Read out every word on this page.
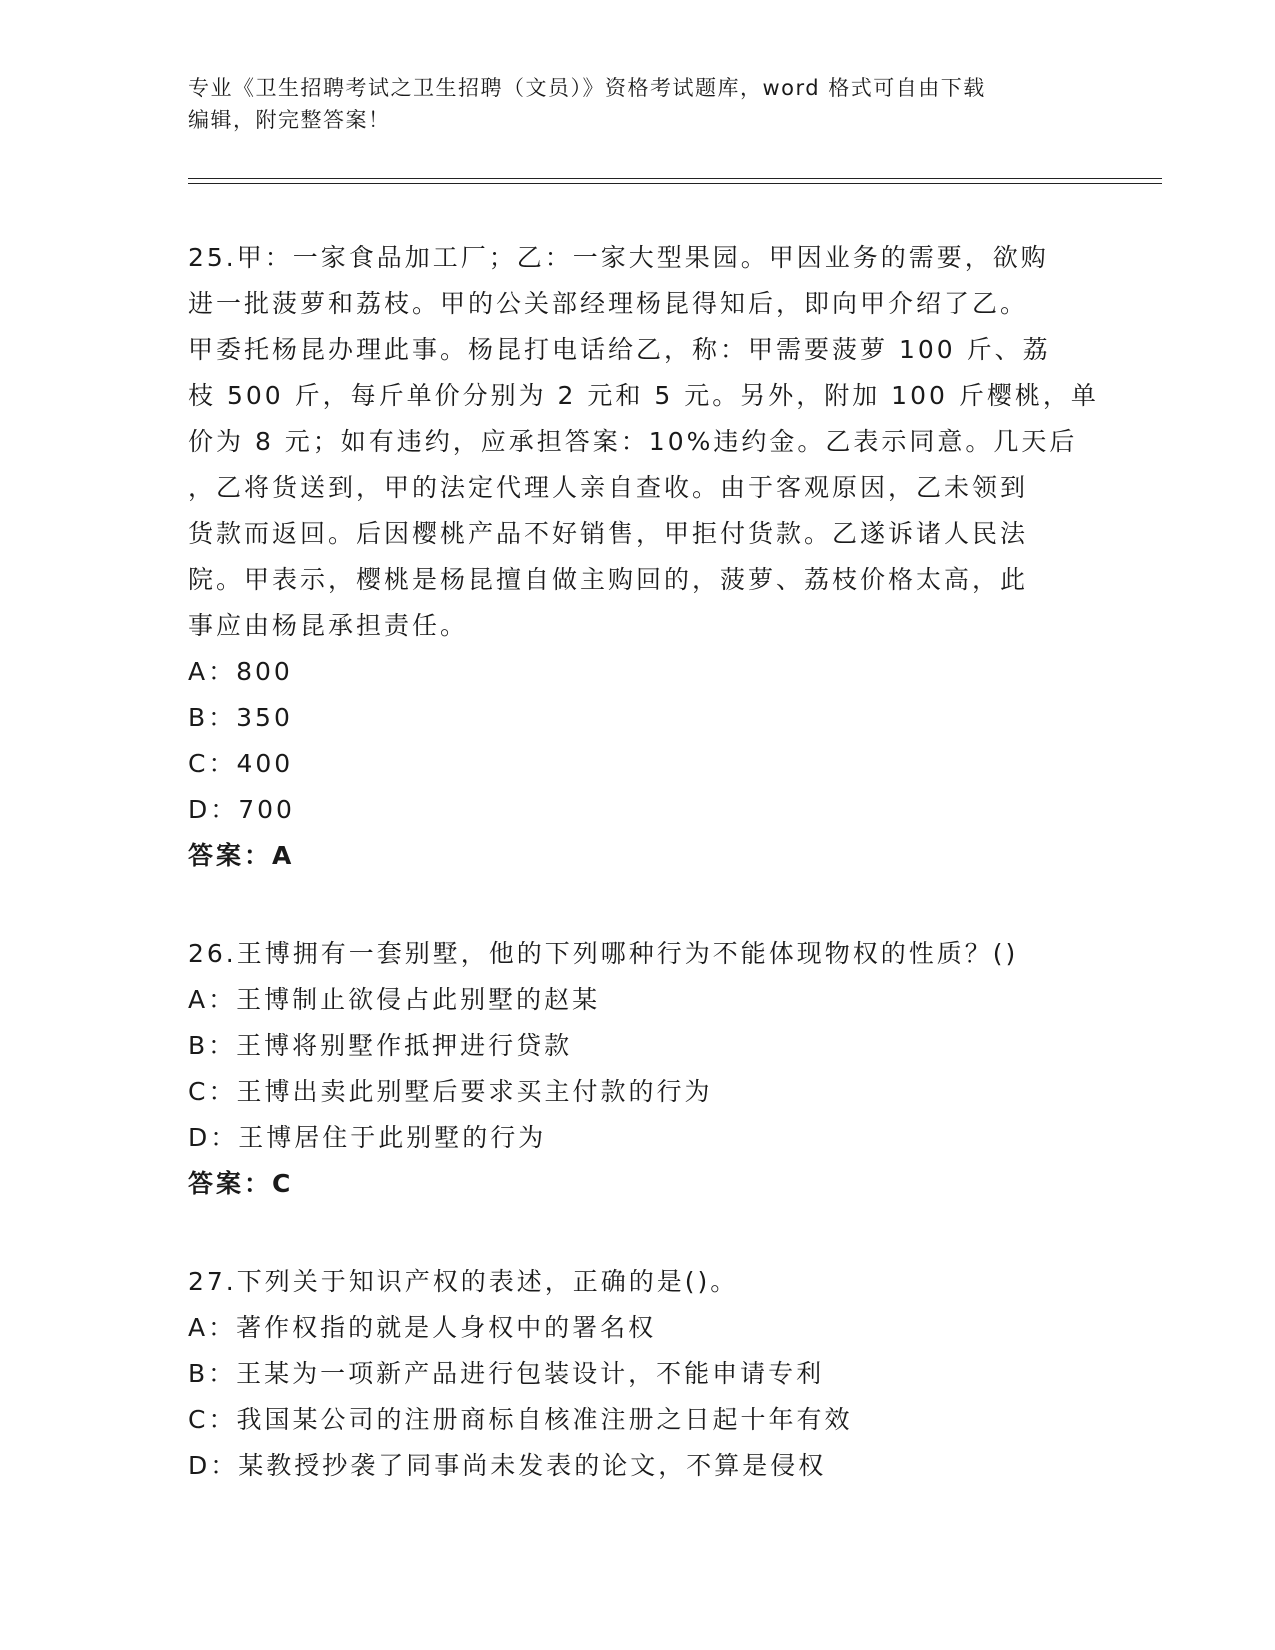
专业《卫生招聘考试之卫生招聘（文员）》资格考试题库，word 格式可自由下载
编辑，附完整答案！
25.甲：一家食品加工厂；乙：一家大型果园。甲因业务的需要，欲购
进一批菠萝和荔枝。甲的公关部经理杨昆得知后，即向甲介绍了乙。
甲委托杨昆办理此事。杨昆打电话给乙，称：甲需要菠萝 100 斤、荔
枝 500 斤，每斤单价分别为 2 元和 5 元。另外，附加 100 斤樱桃，单
价为 8 元；如有违约，应承担答案：10%违约金。乙表示同意。几天后
，乙将货送到，甲的法定代理人亲自查收。由于客观原因，乙未领到
货款而返回。后因樱桃产品不好销售，甲拒付货款。乙遂诉诸人民法
院。甲表示，樱桃是杨昆擅自做主购回的，菠萝、荔枝价格太高，此
事应由杨昆承担责任。
A：800
B：350
C：400
D：700
答案：A
26.王博拥有一套别墅，他的下列哪种行为不能体现物权的性质？()
A：王博制止欲侵占此别墅的赵某
B：王博将别墅作抵押进行贷款
C：王博出卖此别墅后要求买主付款的行为
D：王博居住于此别墅的行为
答案：C
27.下列关于知识产权的表述，正确的是()。
A：著作权指的就是人身权中的署名权
B：王某为一项新产品进行包装设计，不能申请专利
C：我国某公司的注册商标自核准注册之日起十年有效
D：某教授抄袭了同事尚未发表的论文，不算是侵权
